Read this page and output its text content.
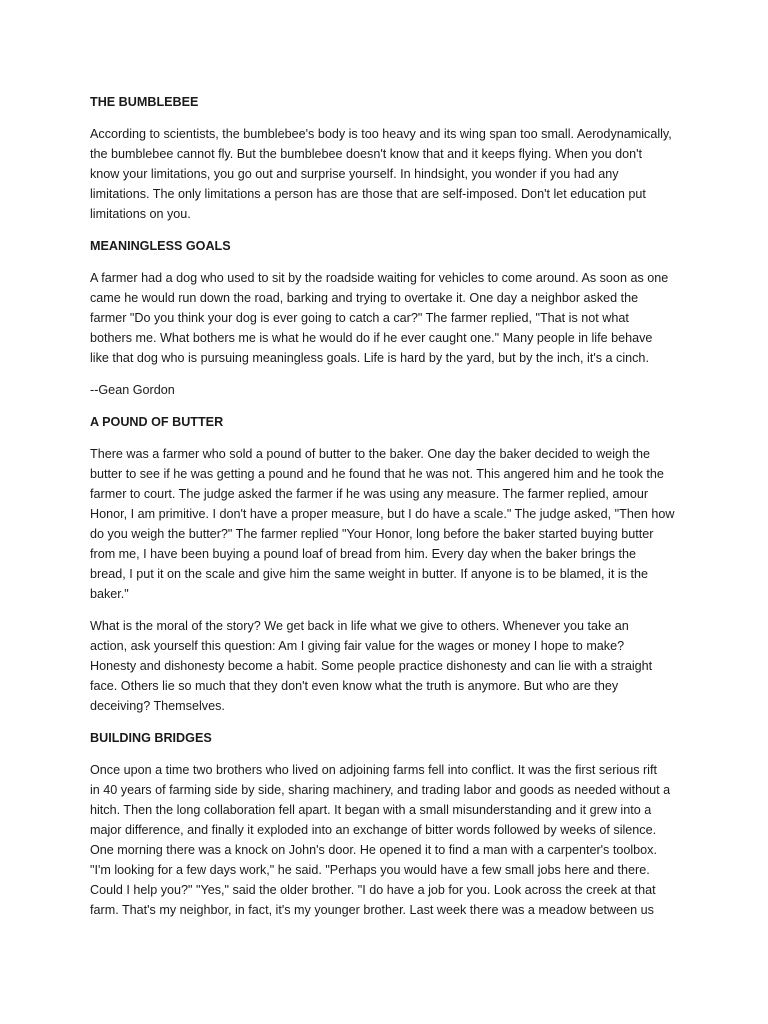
THE BUMBLEBEE
According to scientists, the bumblebee's body is too heavy and its wing span too small. Aerodynamically,
the bumblebee cannot fly. But the bumblebee doesn't know that and it keeps flying. When you don't
know your limitations, you go out and surprise yourself. In hindsight, you wonder if you had any
limitations. The only limitations a person has are those that are self-imposed. Don't let education put
limitations on you.
MEANINGLESS GOALS
A farmer had a dog who used to sit by the roadside waiting for vehicles to come around. As soon as one
came he would run down the road, barking and trying to overtake it. One day a neighbor asked the
farmer "Do you think your dog is ever going to catch a car?" The farmer replied, "That is not what
bothers me. What bothers me is what he would do if he ever caught one." Many people in life behave
like that dog who is pursuing meaningless goals. Life is hard by the yard, but by the inch, it's a cinch.
--Gean Gordon
A POUND OF BUTTER
There was a farmer who sold a pound of butter to the baker. One day the baker decided to weigh the
butter to see if he was getting a pound and he found that he was not. This angered him and he took the
farmer to court. The judge asked the farmer if he was using any measure. The farmer replied, amour
Honor, I am primitive. I don't have a proper measure, but I do have a scale." The judge asked, "Then how
do you weigh the butter?" The farmer replied "Your Honor, long before the baker started buying butter
from me, I have been buying a pound loaf of bread from him. Every day when the baker brings the
bread, I put it on the scale and give him the same weight in butter. If anyone is to be blamed, it is the
baker."
What is the moral of the story? We get back in life what we give to others. Whenever you take an
action, ask yourself this question: Am I giving fair value for the wages or money I hope to make?
Honesty and dishonesty become a habit. Some people practice dishonesty and can lie with a straight
face. Others lie so much that they don't even know what the truth is anymore. But who are they
deceiving? Themselves.
BUILDING BRIDGES
Once upon a time two brothers who lived on adjoining farms fell into conflict. It was the first serious rift
in 40 years of farming side by side, sharing machinery, and trading labor and goods as needed without a
hitch. Then the long collaboration fell apart. It began with a small misunderstanding and it grew into a
major difference, and finally it exploded into an exchange of bitter words followed by weeks of silence.
One morning there was a knock on John's door. He opened it to find a man with a carpenter's toolbox.
"I'm looking for a few days work," he said. "Perhaps you would have a few small jobs here and there.
Could I help you?" "Yes," said the older brother. "I do have a job for you. Look across the creek at that
farm. That's my neighbor, in fact, it's my younger brother. Last week there was a meadow between us
